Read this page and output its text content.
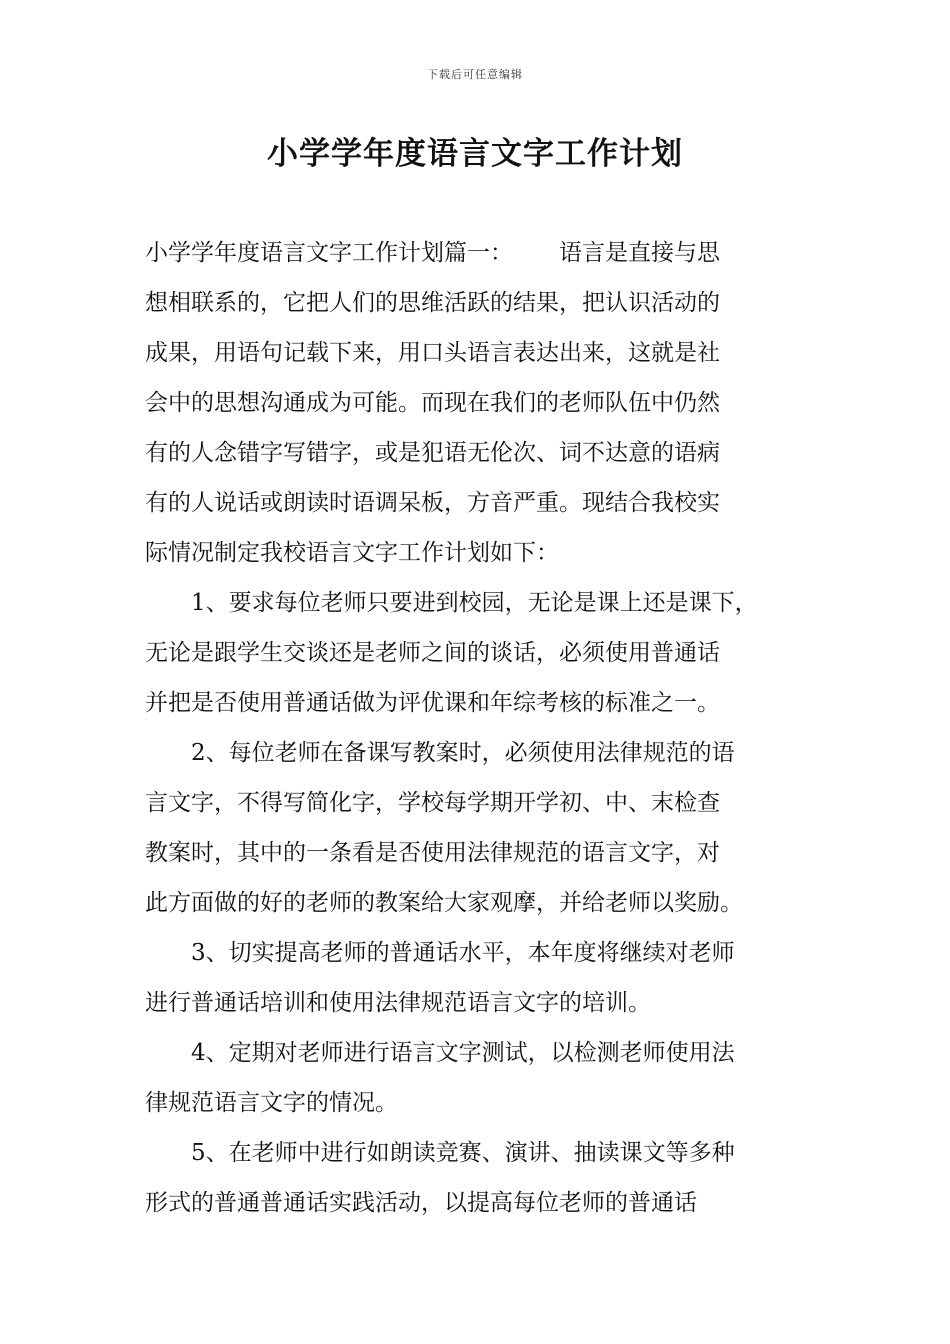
下载后可任意编辑
小学学年度语言文字工作计划
小学学年度语言文字工作计划篇一： 语言是直接与思
想相联系的，它把人们的思维活跃的结果，把认识活动的
成果，用语句记载下来，用口头语言表达出来，这就是社
会中的思想沟通成为可能。而现在我们的老师队伍中仍然
有的人念错字写错字，或是犯语无伦次、词不达意的语病
有的人说话或朗读时语调呆板，方音严重。现结合我校实
际情况制定我校语言文字工作计划如下：
1、要求每位老师只要进到校园，无论是课上还是课下，
无论是跟学生交谈还是老师之间的谈话，必须使用普通话
并把是否使用普通话做为评优课和年综考核的标准之一。
2、每位老师在备课写教案时，必须使用法律规范的语
言文字，不得写简化字，学校每学期开学初、中、末检查
教案时，其中的一条看是否使用法律规范的语言文字，对
此方面做的好的老师的教案给大家观摩，并给老师以奖励。
3、切实提高老师的普通话水平，本年度将继续对老师
进行普通话培训和使用法律规范语言文字的培训。
4、定期对老师进行语言文字测试，以检测老师使用法
律规范语言文字的情况。
5、在老师中进行如朗读竞赛、演讲、抽读课文等多种
形式的普通普通话实践活动，以提高每位老师的普通话
